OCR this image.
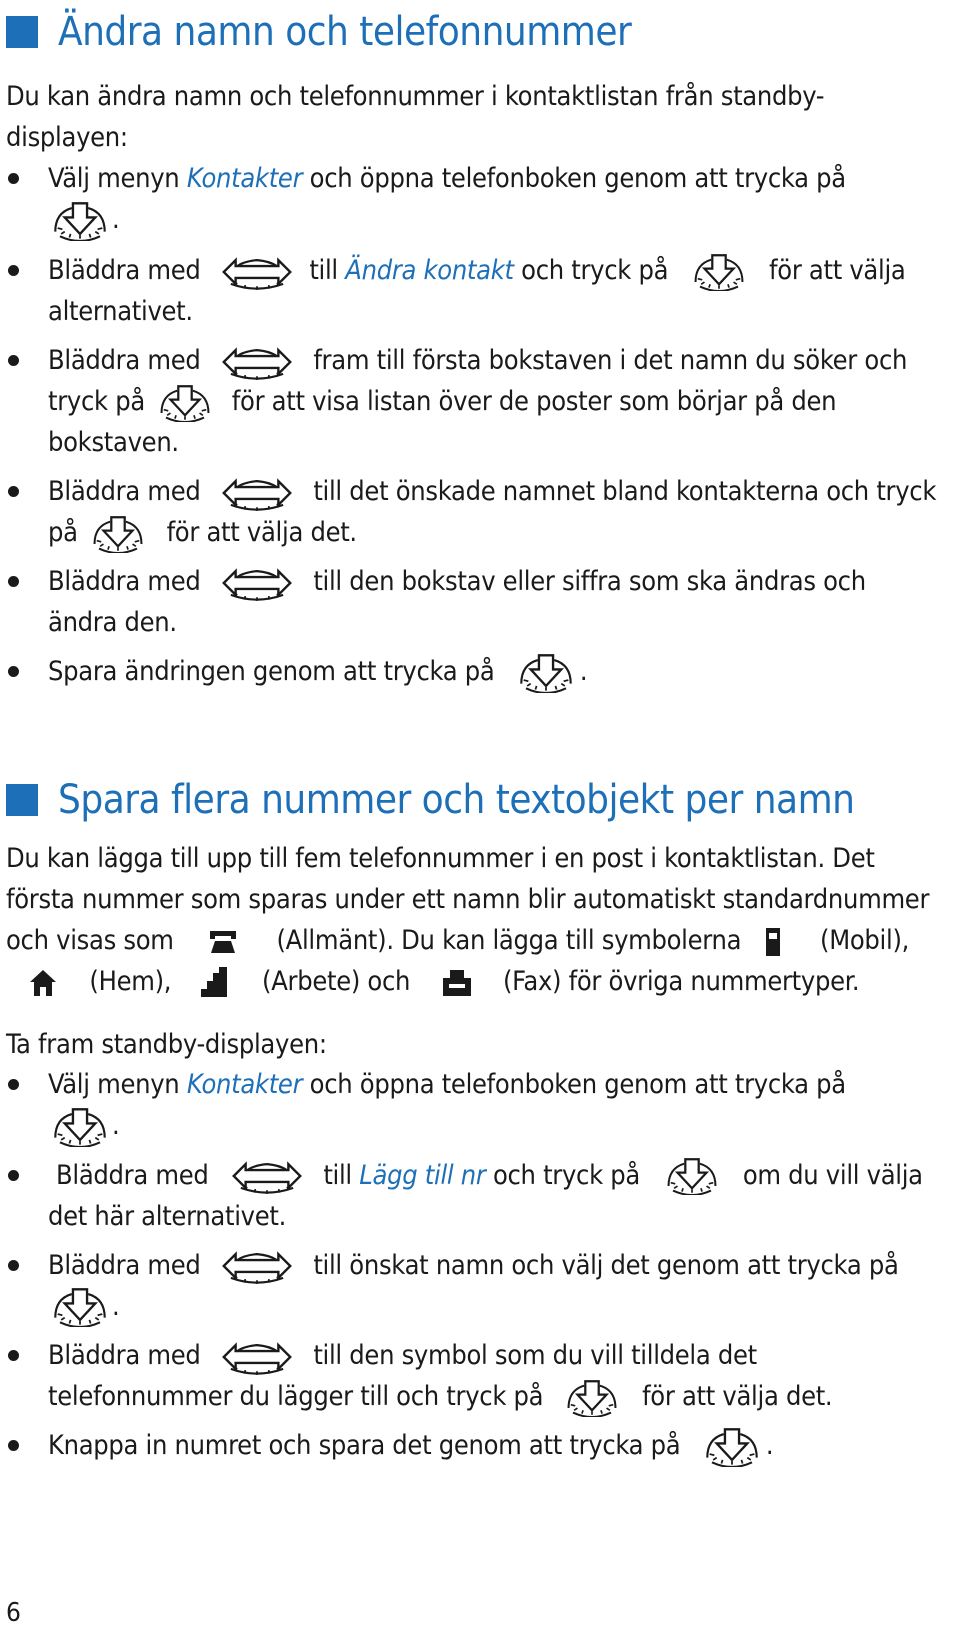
Ändra namn och telefonnummer

Du kan ändra namn och telefonnummer i kontaktlistan från standby-displayen:

Välj menyn Kontakter och öppna telefonboken genom att trycka på
.
Bläddra med	till Ändra kontakt och tryck på	för att välja alternativet.
Bläddra med	fram till första bokstaven i det namn du söker och tryck på	för att visa listan över de poster som börjar på den bokstaven.
Bläddra med	till det önskade namnet bland kontakterna och tryck på	för att välja det.
Bläddra med	till den bokstav eller siffra som ska ändras och ändra den.
Spara ändringen genom att trycka på	.
Spara flera nummer och textobjekt per namn

Du kan lägga till upp till fem telefonnummer i en post i kontaktlistan. Det första nummer som sparas under ett namn blir automatiskt standardnummer och visas som	(Allmänt). Du kan lägga till symbolerna	(Mobil),  (Hem),	(Arbete) och	(Fax) för övriga nummertyper.

Ta fram standby-displayen:

Välj menyn Kontakter och öppna telefonboken genom att trycka på
.
Bläddra med	till Lägg till nr och tryck på	om du vill välja det här alternativet.
Bläddra med	till önskat namn och välj det genom att trycka på
.
Bläddra med	till den symbol som du vill tilldela det telefonnummer du lägger till och tryck på	för att välja det.
Knappa in numret och spara det genom att trycka på	.
6
